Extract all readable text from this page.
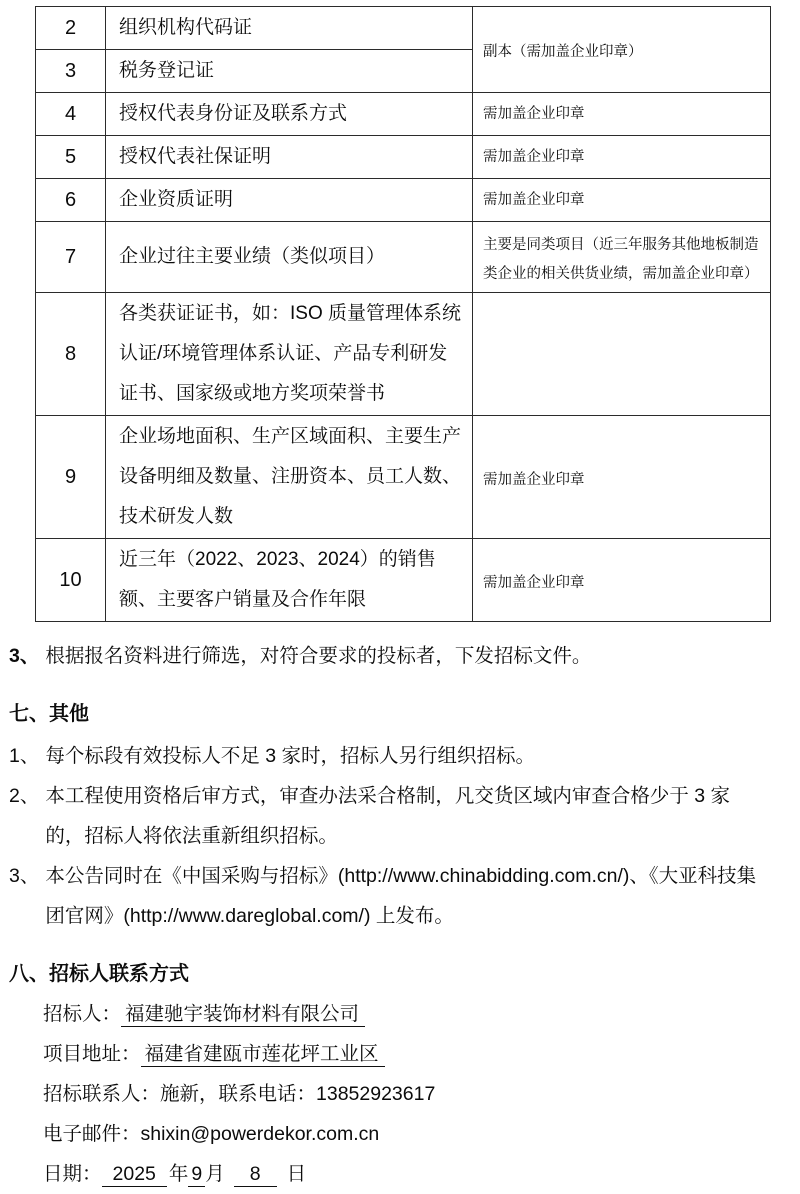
2	组织机构代码证	副本（需加盖企业印章）
3	税务登记证	
4	授权代表身份证及联系方式	需加盖企业印章
5	授权代表社保证明	需加盖企业印章
6	企业资质证明	需加盖企业印章
7	企业过往主要业绩（类似项目）	主要是同类项目（近三年服务其他地板制造类企业的相关供货业绩，需加盖企业印章）
8	各类获证证书，如：ISO 质量管理体系统认证/环境管理体系认证、产品专利研发证书、国家级或地方奖项荣誉书	
9	企业场地面积、生产区域面积、主要生产设备明细及数量、注册资本、员工人数、技术研发人数	需加盖企业印章
10	近三年（2022、2023、2024）的销售额、主要客户销量及合作年限	需加盖企业印章
3、 根据报名资料进行筛选，对符合要求的投标者，下发招标文件。
七、其他
1、 每个标段有效投标人不足 3 家时，招标人另行组织招标。
2、 本工程使用资格后审方式，审查办法采合格制，凡交货区域内审查合格少于 3 家的，招标人将依法重新组织招标。
3、 本公告同时在《中国采购与招标》(http://www.chinabidding.com.cn/)、《大亚科技集团官网》(http://www.dareglobal.com/) 上发布。
八、招标人联系方式
招标人： 福建驰宇装饰材料有限公司
项目地址： 福建省建瓯市莲花坪工业区
招标联系人：施新，联系电话：13852923617
电子邮件：shixin@powerdekor.com.cn
日期： 2025 年 9 月 8 日
